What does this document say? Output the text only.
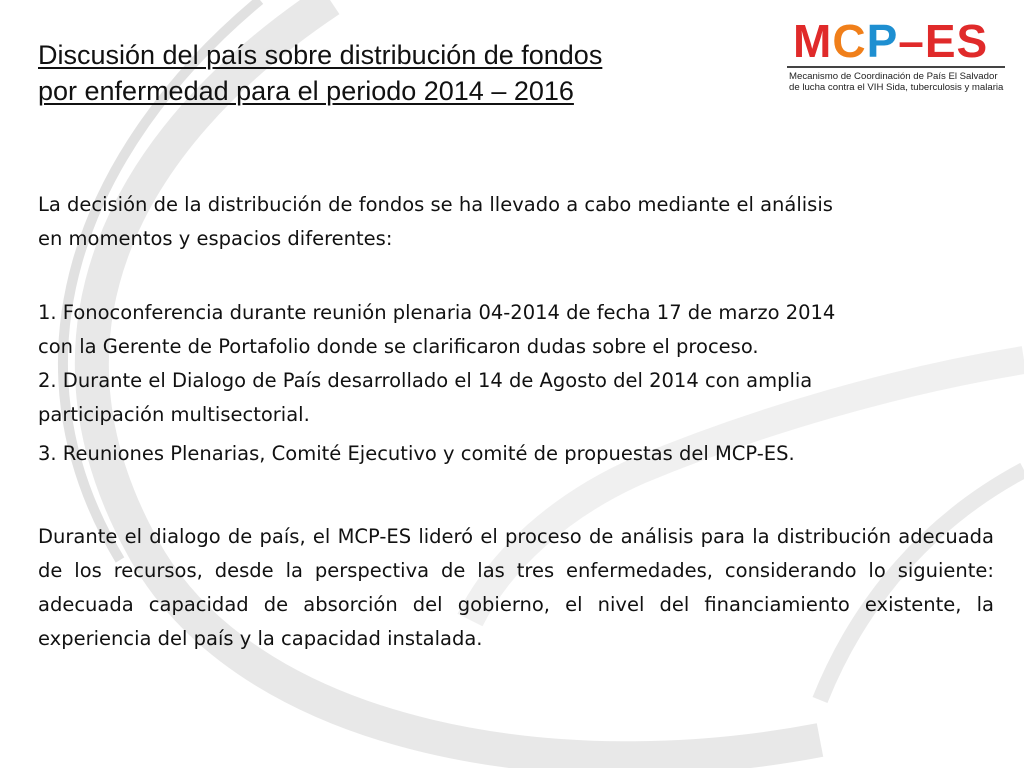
Discusión del país sobre distribución de fondos
por enfermedad para el periodo 2014 – 2016
MCP–ES
Mecanismo de Coordinación de País El Salvador
de lucha contra el VIH Sida, tuberculosis y malaria
La decisión de la distribución de fondos se ha llevado a cabo mediante el análisis
en momentos y espacios diferentes:
1. Fonoconferencia durante reunión plenaria 04-2014 de fecha 17 de marzo 2014
con la Gerente de Portafolio donde se clarificaron dudas sobre el proceso.
2. Durante el Dialogo de País desarrollado el 14 de Agosto del 2014 con amplia
participación multisectorial.
3. Reuniones Plenarias, Comité Ejecutivo y comité de propuestas del MCP-ES.

Durante el dialogo de país, el MCP-ES lideró el proceso de análisis para la distribución adecuada de los recursos, desde la perspectiva de las tres enfermedades, considerando lo siguiente: adecuada capacidad de absorción del gobierno, el nivel del financiamiento existente, la experiencia del país y la capacidad instalada.
